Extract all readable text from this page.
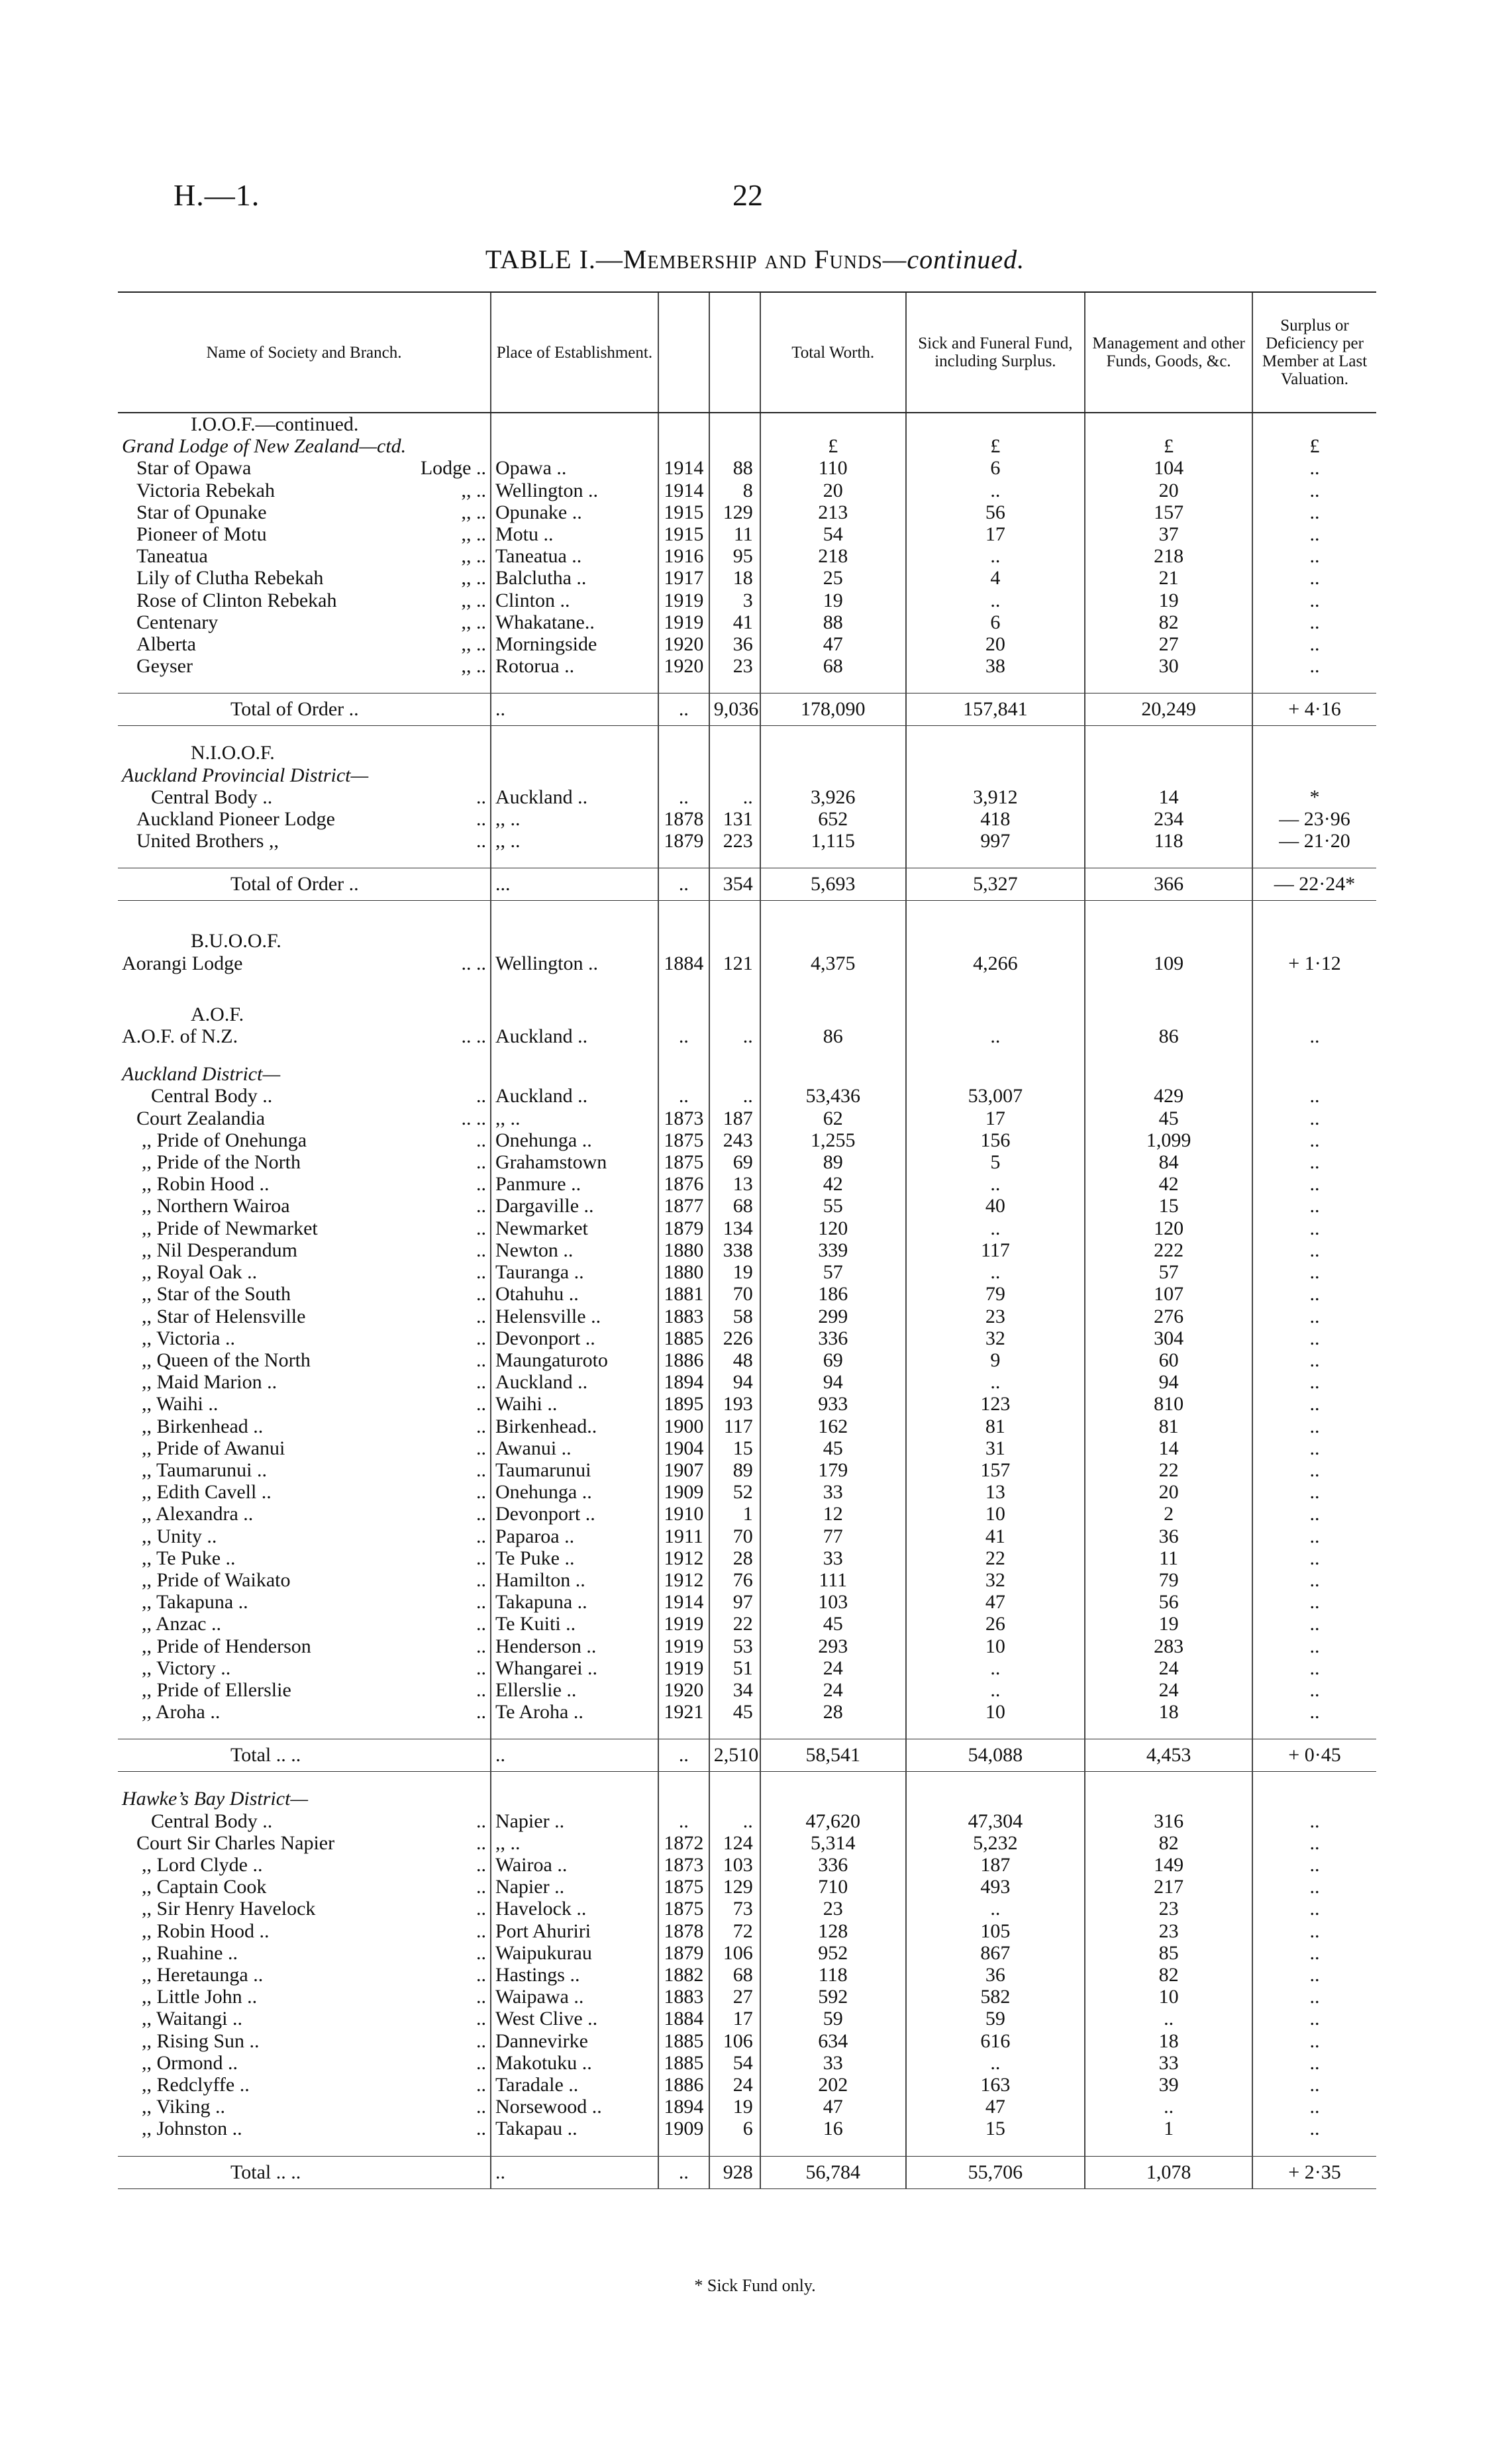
H.—1.	22
TABLE I.—Membership and Funds—continued.
Name of Society and Branch.	Place of Establishment.			Total Worth.	Sick and Funeral Fund, including Surplus.	Management and other Funds, Goods, &c.	Surplus or Deficiency per Member at Last Valuation.
I.O.O.F.—continued.							
Grand Lodge of New Zealand—ctd.				£	£	£	£
Star of Opawa Lodge ..	Opawa ..	1914	88	110	6	104	..
Victoria Rebekah ,, ..	Wellington ..	1914	8	20	..	20	..
Star of Opunake ,, ..	Opunake ..	1915	129	213	56	157	..
Pioneer of Motu ,, ..	Motu ..	1915	11	54	17	37	..
Taneatua ,, ..	Taneatua ..	1916	95	218	..	218	..
Lily of Clutha Rebekah ,, ..	Balclutha ..	1917	18	25	4	21	..
Rose of Clinton Rebekah ,, ..	Clinton ..	1919	3	19	..	19	..
Centenary ,, ..	Whakatane..	1919	41	88	6	82	..
Alberta ,, ..	Morningside	1920	36	47	20	27	..
Geyser ,, ..	Rotorua ..	1920	23	68	38	30	..

Total of Order ..	..	..	9,036	178,090	157,841	20,249	+ 4·16

N.I.O.O.F.							
Auckland Provincial District—							
Central Body .. ..	Auckland ..	..	..	3,926	3,912	14	*
Auckland Pioneer Lodge ..	,, ..	1878	131	652	418	234	— 23·96
United Brothers ,, ..	,, ..	1879	223	1,115	997	118	— 21·20

Total of Order ..	...	..	354	5,693	5,327	366	— 22·24*

B.U.O.O.F.							
Aorangi Lodge .. ..	Wellington ..	1884	121	4,375	4,266	109	+ 1·12

A.O.F.							
A.O.F. of N.Z. .. ..	Auckland ..	..	..	86	..	86	..

Auckland District—							
Central Body .. ..	Auckland ..	..	..	53,436	53,007	429	..
Court Zealandia .. ..	,, ..	1873	187	62	17	45	..
,, Pride of Onehunga ..	Onehunga ..	1875	243	1,255	156	1,099	..
,, Pride of the North ..	Grahamstown	1875	69	89	5	84	..
,, Robin Hood .. ..	Panmure ..	1876	13	42	..	42	..
,, Northern Wairoa ..	Dargaville ..	1877	68	55	40	15	..
,, Pride of Newmarket ..	Newmarket	1879	134	120	..	120	..
,, Nil Desperandum ..	Newton ..	1880	338	339	117	222	..
,, Royal Oak .. ..	Tauranga ..	1880	19	57	..	57	..
,, Star of the South ..	Otahuhu ..	1881	70	186	79	107	..
,, Star of Helensville ..	Helensville ..	1883	58	299	23	276	..
,, Victoria .. ..	Devonport ..	1885	226	336	32	304	..
,, Queen of the North ..	Maungaturoto	1886	48	69	9	60	..
,, Maid Marion .. ..	Auckland ..	1894	94	94	..	94	..
,, Waihi .. ..	Waihi ..	1895	193	933	123	810	..
,, Birkenhead .. ..	Birkenhead..	1900	117	162	81	81	..
,, Pride of Awanui ..	Awanui ..	1904	15	45	31	14	..
,, Taumarunui .. ..	Taumarunui	1907	89	179	157	22	..
,, Edith Cavell .. ..	Onehunga ..	1909	52	33	13	20	..
,, Alexandra .. ..	Devonport ..	1910	1	12	10	2	..
,, Unity .. ..	Paparoa ..	1911	70	77	41	36	..
,, Te Puke .. ..	Te Puke ..	1912	28	33	22	11	..
,, Pride of Waikato ..	Hamilton ..	1912	76	111	32	79	..
,, Takapuna .. ..	Takapuna ..	1914	97	103	47	56	..
,, Anzac .. ..	Te Kuiti ..	1919	22	45	26	19	..
,, Pride of Henderson ..	Henderson ..	1919	53	293	10	283	..
,, Victory .. ..	Whangarei ..	1919	51	24	..	24	..
,, Pride of Ellerslie ..	Ellerslie ..	1920	34	24	..	24	..
,, Aroha .. ..	Te Aroha ..	1921	45	28	10	18	..

Total .. ..	..	..	2,510	58,541	54,088	4,453	+ 0·45

Hawke’s Bay District—							
Central Body .. ..	Napier ..	..	..	47,620	47,304	316	..
Court Sir Charles Napier ..	,, ..	1872	124	5,314	5,232	82	..
,, Lord Clyde .. ..	Wairoa ..	1873	103	336	187	149	..
,, Captain Cook ..	Napier ..	1875	129	710	493	217	..
,, Sir Henry Havelock ..	Havelock ..	1875	73	23	..	23	..
,, Robin Hood .. ..	Port Ahuriri	1878	72	128	105	23	..
,, Ruahine .. ..	Waipukurau	1879	106	952	867	85	..
,, Heretaunga .. ..	Hastings ..	1882	68	118	36	82	..
,, Little John .. ..	Waipawa ..	1883	27	592	582	10	..
,, Waitangi .. ..	West Clive ..	1884	17	59	59	..	..
,, Rising Sun .. ..	Dannevirke	1885	106	634	616	18	..
,, Ormond .. ..	Makotuku ..	1885	54	33	..	33	..
,, Redclyffe .. ..	Taradale ..	1886	24	202	163	39	..
,, Viking .. ..	Norsewood ..	1894	19	47	47	..	..
,, Johnston .. ..	Takapau ..	1909	6	16	15	1	..

Total .. ..	..	..	928	56,784	55,706	1,078	+ 2·35
* Sick Fund only.
